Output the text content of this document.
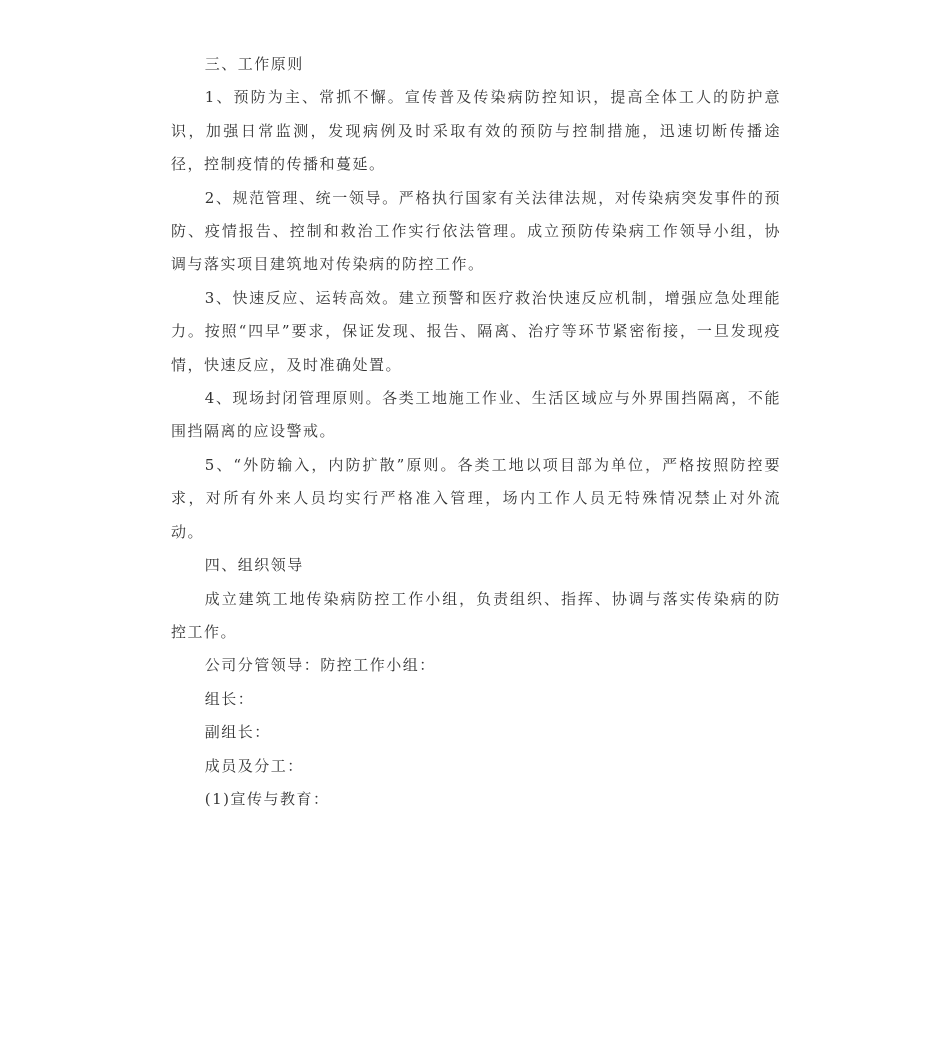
三、工作原则

1、预防为主、常抓不懈。宣传普及传染病防控知识，提高全体工人的防护意识，加强日常监测，发现病例及时采取有效的预防与控制措施，迅速切断传播途径，控制疫情的传播和蔓延。

2、规范管理、统一领导。严格执行国家有关法律法规，对传染病突发事件的预防、疫情报告、控制和救治工作实行依法管理。成立预防传染病工作领导小组，协调与落实项目建筑地对传染病的防控工作。

3、快速反应、运转高效。建立预警和医疗救治快速反应机制，增强应急处理能力。按照“四早”要求，保证发现、报告、隔离、治疗等环节紧密衔接，一旦发现疫情，快速反应，及时准确处置。

4、现场封闭管理原则。各类工地施工作业、生活区域应与外界围挡隔离，不能围挡隔离的应设警戒。

5、“外防输入，内防扩散”原则。各类工地以项目部为单位，严格按照防控要求，对所有外来人员均实行严格准入管理，场内工作人员无特殊情况禁止对外流动。

四、组织领导

成立建筑工地传染病防控工作小组，负责组织、指挥、协调与落实传染病的防控工作。

公司分管领导：防控工作小组：

组长：

副组长：

成员及分工：

(1)宣传与教育：
